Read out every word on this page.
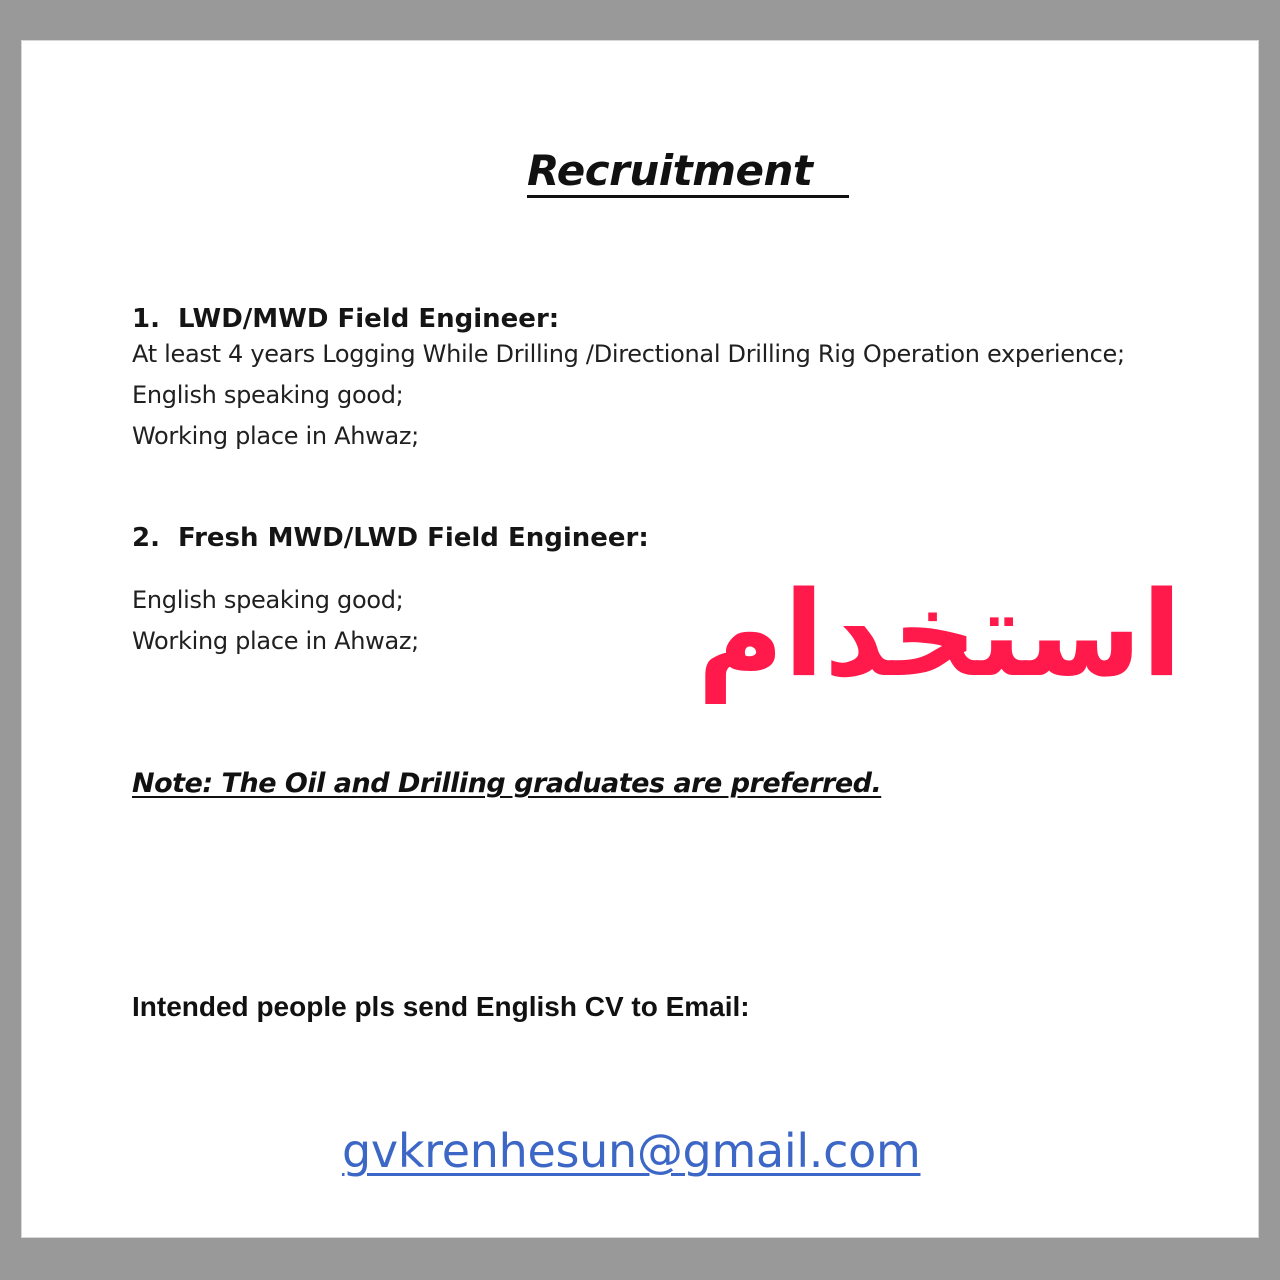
Recruitment
1. LWD/MWD Field Engineer:
At least 4 years Logging While Drilling /Directional Drilling Rig Operation experience;
English speaking good;
Working place in Ahwaz;
2. Fresh MWD/LWD Field Engineer:
English speaking good;
Working place in Ahwaz; استخدام

Note: The Oil and Drilling graduates are preferred.

Intended people pls send English CV to Email:

gvkrenhesun@gmail.com
